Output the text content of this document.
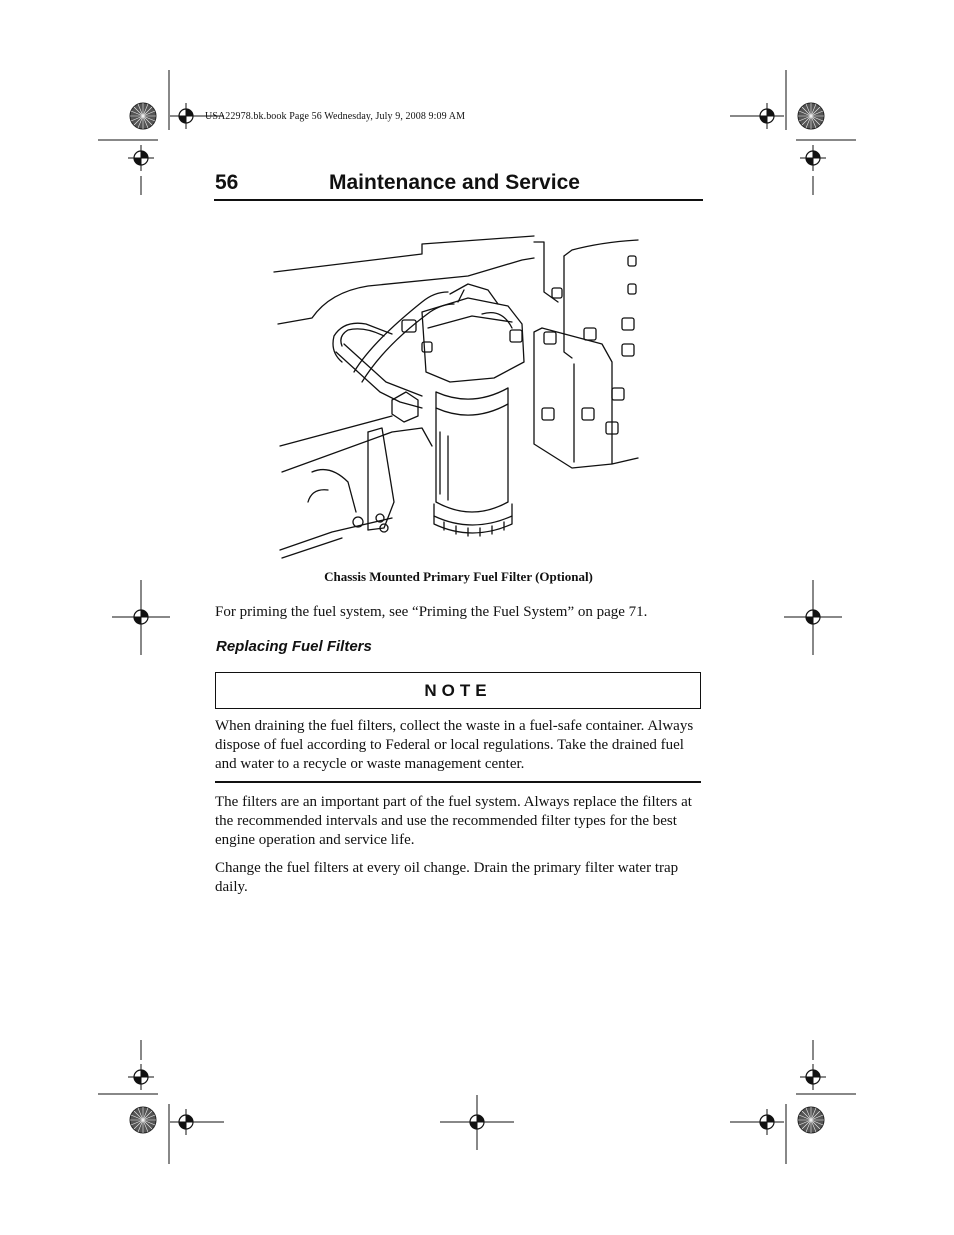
USA22978.bk.book Page 56 Wednesday, July 9, 2008 9:09 AM
56	Maintenance and Service
Chassis Mounted Primary Fuel Filter (Optional)
For priming the fuel system, see “Priming the Fuel System” on page 71.
Replacing Fuel Filters
NOTE
When draining the fuel filters, collect the waste in a fuel-safe container. Always dispose of fuel according to Federal or local regulations. Take the drained fuel and water to a recycle or waste management center.
The filters are an important part of the fuel system. Always replace the filters at the recommended intervals and use the recommended filter types for the best engine operation and service life.
Change the fuel filters at every oil change. Drain the primary filter water trap daily.
